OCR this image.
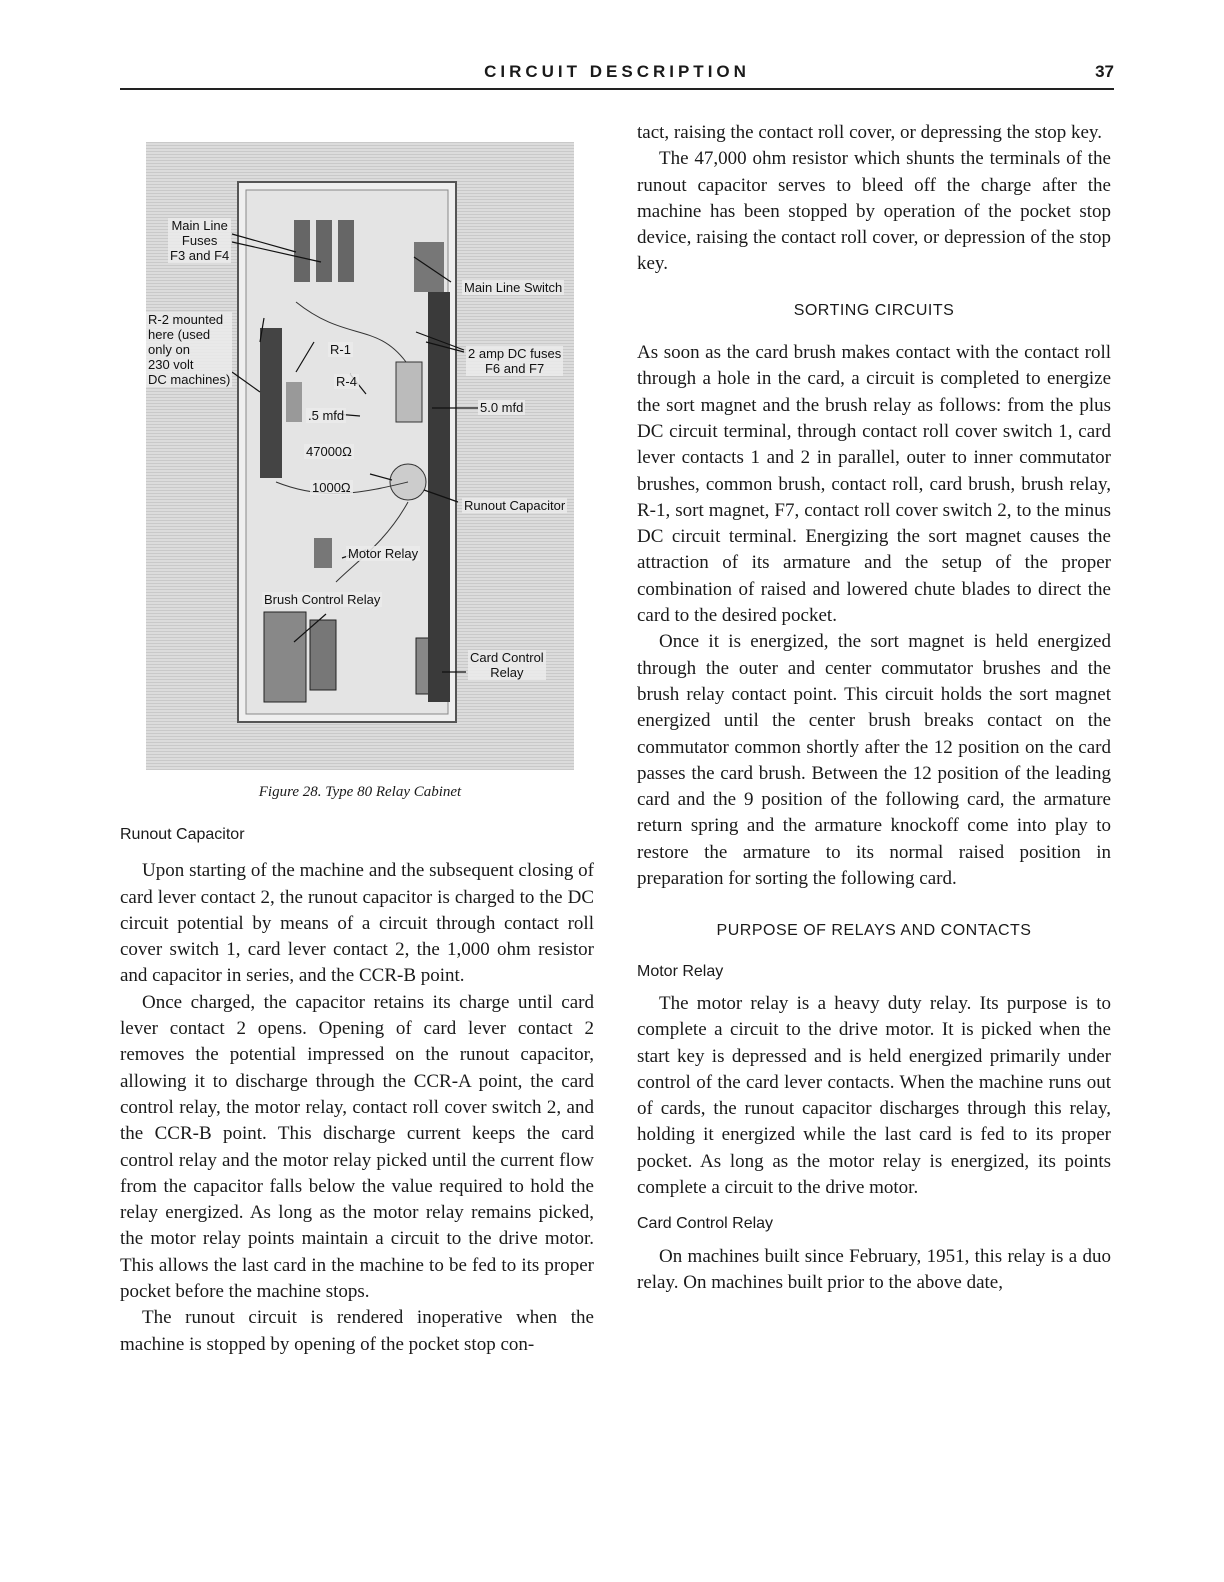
CIRCUIT DESCRIPTION	37
Main Line
Fuses
F3 and F4
R-2 mounted
here (used
only on
230 volt
DC machines)
Main Line Switch
R-1
R-4
2 amp DC fuses
F6 and F7
.5 mfd
5.0 mfd
47000Ω
1000Ω
Runout Capacitor
Motor Relay
Brush Control Relay
Card Control
Relay
Figure 28. Type 80 Relay Cabinet
Runout Capacitor

Upon starting of the machine and the subsequent closing of card lever contact 2, the runout capacitor is charged to the DC circuit potential by means of a circuit through contact roll cover switch 1, card lever contact 2, the 1,000 ohm resistor and capacitor in series, and the CCR-B point.

Once charged, the capacitor retains its charge until card lever contact 2 opens. Opening of card lever contact 2 removes the potential impressed on the runout capacitor, allowing it to discharge through the CCR-A point, the card control relay, the motor relay, contact roll cover switch 2, and the CCR-B point. This discharge current keeps the card control relay and the motor relay picked until the current flow from the capacitor falls below the value required to hold the relay energized. As long as the motor relay remains picked, the motor relay points maintain a circuit to the drive motor. This allows the last card in the machine to be fed to its proper pocket before the machine stops.

The runout circuit is rendered inoperative when the machine is stopped by opening of the pocket stop con-

tact, raising the contact roll cover, or depressing the stop key.

The 47,000 ohm resistor which shunts the terminals of the runout capacitor serves to bleed off the charge after the machine has been stopped by operation of the pocket stop device, raising the contact roll cover, or depression of the stop key.

SORTING CIRCUITS

As soon as the card brush makes contact with the contact roll through a hole in the card, a circuit is completed to energize the sort magnet and the brush relay as follows: from the plus DC circuit terminal, through contact roll cover switch 1, card lever contacts 1 and 2 in parallel, outer to inner commutator brushes, common brush, contact roll, card brush, brush relay, R-1, sort magnet, F7, contact roll cover switch 2, to the minus DC circuit terminal. Energizing the sort magnet causes the attraction of its armature and the setup of the proper combination of raised and lowered chute blades to direct the card to the desired pocket.

Once it is energized, the sort magnet is held energized through the outer and center commutator brushes and the brush relay contact point. This circuit holds the sort magnet energized until the center brush breaks contact on the commutator common shortly after the 12 position on the card passes the card brush. Between the 12 position of the leading card and the 9 position of the following card, the armature return spring and the armature knockoff come into play to restore the armature to its normal raised position in preparation for sorting the following card.

PURPOSE OF RELAYS AND CONTACTS
Motor Relay

The motor relay is a heavy duty relay. Its purpose is to complete a circuit to the drive motor. It is picked when the start key is depressed and is held energized primarily under control of the card lever contacts. When the machine runs out of cards, the runout capacitor discharges through this relay, holding it energized while the last card is fed to its proper pocket. As long as the motor relay is energized, its points complete a circuit to the drive motor.

Card Control Relay

On machines built since February, 1951, this relay is a duo relay. On machines built prior to the above date,
